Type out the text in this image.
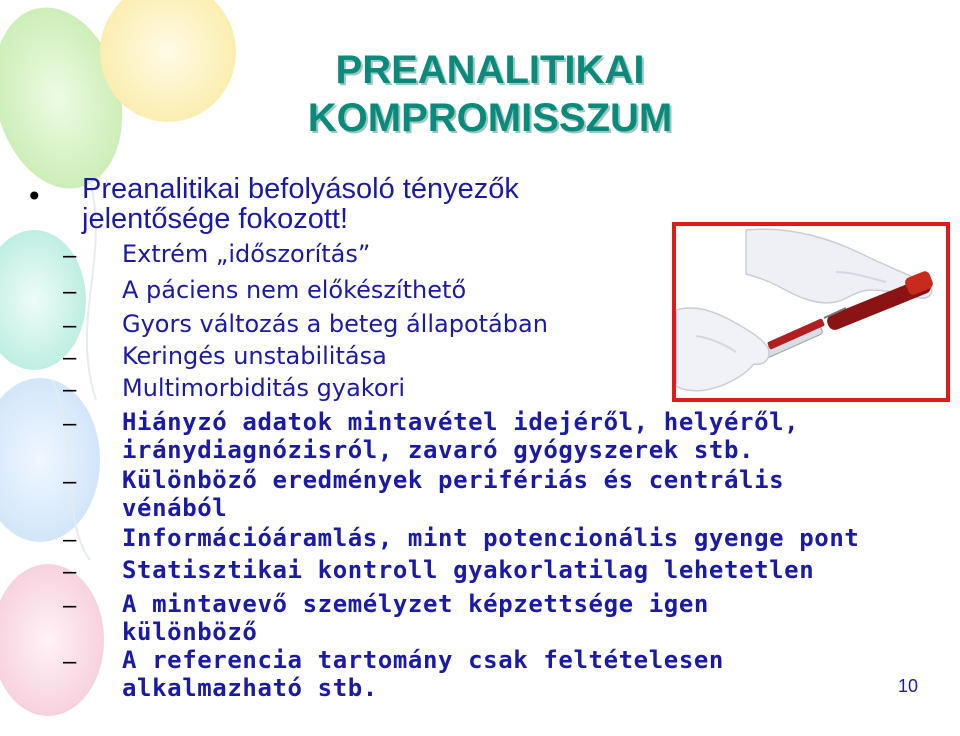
PREANALITIKAI
KOMPROMISSZUM
• Preanalitikai befolyásoló tényezők
jelentősége fokozott!
–	Extrém „időszorítás”
–	A páciens nem előkészíthető
–	Gyors változás a beteg állapotában
–	Keringés unstabilitása
–	Multimorbiditás gyakori
–	Hiányzó adatok mintavétel idejéről, helyéről,
iránydiagnózisról, zavaró gyógyszerek stb.
–	Különböző eredmények perifériás és centrális
vénából
–	Információáramlás, mint potencionális gyenge pont
–	Statisztikai kontroll gyakorlatilag lehetetlen
–	A mintavevő személyzet képzettsége igen
különböző
–	A referencia tartomány csak feltételesen
alkalmazható stb.	10
